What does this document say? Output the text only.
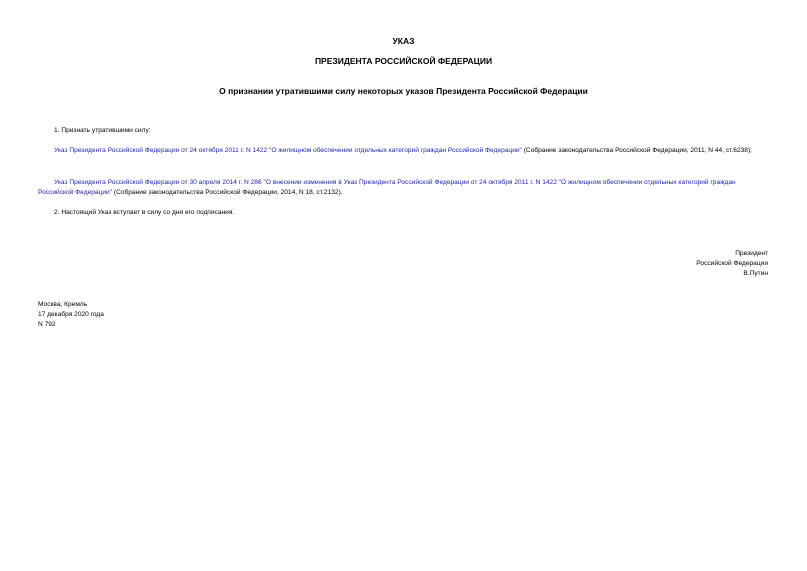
УКАЗ
ПРЕЗИДЕНТА РОССИЙСКОЙ ФЕДЕРАЦИИ
О признании утратившими силу некоторых указов Президента Российской Федерации
1. Признать утратившими силу:
Указ Президента Российской Федерации от 24 октября 2011 г. N 1422 "О жилищном обеспечении отдельных категорий граждан Российской Федерации" (Собрание законодательства Российской Федерации, 2011, N 44, ст.6238);
Указ Президента Российской Федерации от 30 апреля 2014 г. N 286 "О внесении изменения в Указ Президента Российской Федерации от 24 октября 2011 г. N 1422 "О жилищном обеспечении отдельных категорий граждан Российской Федерации" (Собрание законодательства Российской Федерации, 2014, N 18, ст.2132).
2. Настоящий Указ вступает в силу со дня его подписания.
Президент
Российской Федерации
В.Путин
Москва, Кремль
17 декабря 2020 года
N 792
